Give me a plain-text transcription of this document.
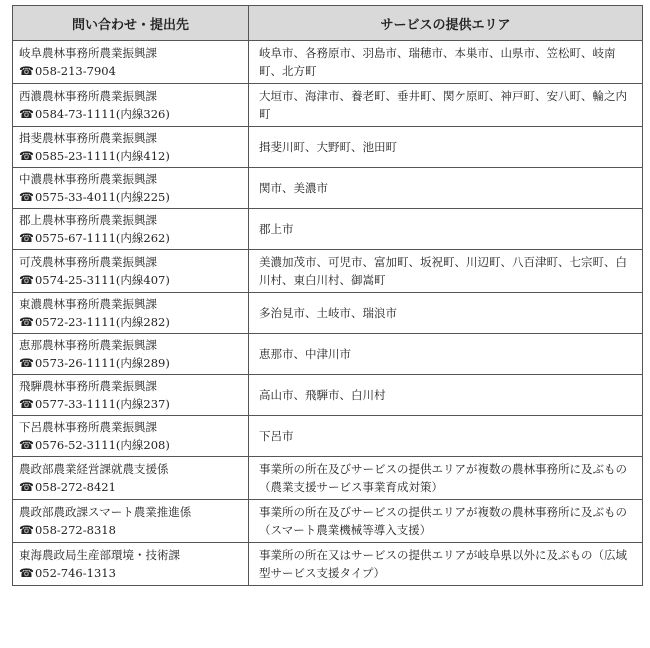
問い合わせ・提出先	サービスの提供エリア

岐阜農林事務所農業振興課
☎058-213-7904	岐阜市、各務原市、羽島市、瑞穂市、本巣市、山県市、笠松町、岐南町、北方町

西濃農林事務所農業振興課
☎0584-73-1111(内線326)	大垣市、海津市、養老町、垂井町、関ケ原町、神戸町、安八町、輪之内町

揖斐農林事務所農業振興課
☎0585-23-1111(内線412)	揖斐川町、大野町、池田町

中濃農林事務所農業振興課
☎0575-33-4011(内線225)	関市、美濃市

郡上農林事務所農業振興課
☎0575-67-1111(内線262)	郡上市

可茂農林事務所農業振興課
☎0574-25-3111(内線407)	美濃加茂市、可児市、富加町、坂祝町、川辺町、八百津町、七宗町、白川村、東白川村、御嵩町

東濃農林事務所農業振興課
☎0572-23-1111(内線282)	多治見市、土岐市、瑞浪市

恵那農林事務所農業振興課
☎0573-26-1111(内線289)	恵那市、中津川市

飛騨農林事務所農業振興課
☎0577-33-1111(内線237)	高山市、飛騨市、白川村

下呂農林事務所農業振興課
☎0576-52-3111(内線208)	下呂市

農政部農業経営課就農支援係
☎058-272-8421	事業所の所在及びサービスの提供エリアが複数の農林事務所に及ぶもの（農業支援サービス事業育成対策）

農政部農政課スマート農業推進係
☎058-272-8318	事業所の所在及びサービスの提供エリアが複数の農林事務所に及ぶもの（スマート農業機械等導入支援）

東海農政局生産部環境・技術課
☎052-746-1313	事業所の所在又はサービスの提供エリアが岐阜県以外に及ぶもの（広域型サービス支援タイプ）
